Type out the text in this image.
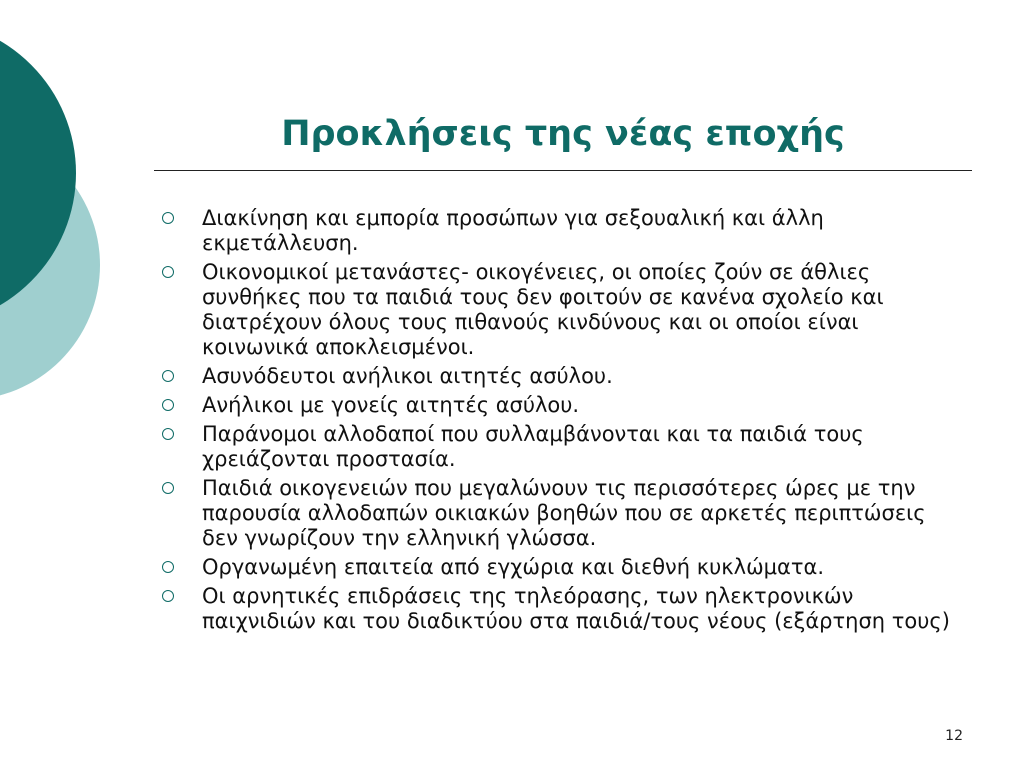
Προκλήσεις της νέας εποχής
Διακίνηση και εμπορία προσώπων για σεξουαλική και άλλη εκμετάλλευση.
Οικονομικοί μετανάστες- οικογένειες, οι οποίες ζούν σε άθλιες συνθήκες που τα παιδιά τους δεν φοιτούν σε κανένα σχολείο και διατρέχουν όλους τους πιθανούς κινδύνους και οι οποίοι είναι κοινωνικά αποκλεισμένοι.
Ασυνόδευτοι ανήλικοι αιτητές ασύλου.
Ανήλικοι με γονείς αιτητές ασύλου.
Παράνομοι αλλοδαποί που συλλαμβάνονται και τα παιδιά τους χρειάζονται προστασία.
Παιδιά οικογενειών που μεγαλώνουν τις περισσότερες ώρες με την παρουσία αλλοδαπών οικιακών βοηθών που σε αρκετές περιπτώσεις δεν γνωρίζουν την ελληνική γλώσσα.
Οργανωμένη επαιτεία από εγχώρια και διεθνή κυκλώματα.
Οι αρνητικές επιδράσεις της τηλεόρασης, των ηλεκτρονικών παιχνιδιών και του διαδικτύου στα παιδιά/τους νέους (εξάρτηση τους)
12
